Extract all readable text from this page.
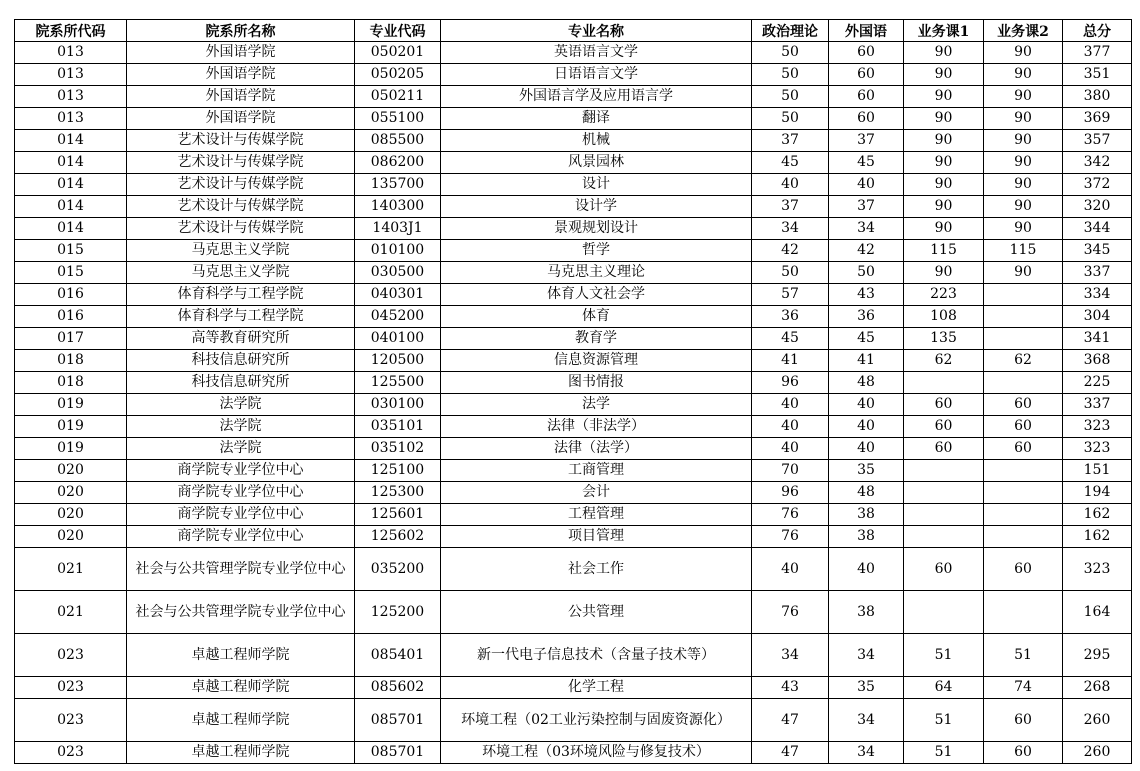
院系所代码	院系所名称	专业代码	专业名称	政治理论	外国语	业务课1	业务课2	总分
013	外国语学院	050201	英语语言文学	50	60	90	90	377
013	外国语学院	050205	日语语言文学	50	60	90	90	351
013	外国语学院	050211	外国语言学及应用语言学	50	60	90	90	380
013	外国语学院	055100	翻译	50	60	90	90	369
014	艺术设计与传媒学院	085500	机械	37	37	90	90	357
014	艺术设计与传媒学院	086200	风景园林	45	45	90	90	342
014	艺术设计与传媒学院	135700	设计	40	40	90	90	372
014	艺术设计与传媒学院	140300	设计学	37	37	90	90	320
014	艺术设计与传媒学院	1403J1	景观规划设计	34	34	90	90	344
015	马克思主义学院	010100	哲学	42	42	115	115	345
015	马克思主义学院	030500	马克思主义理论	50	50	90	90	337
016	体育科学与工程学院	040301	体育人文社会学	57	43	223		334
016	体育科学与工程学院	045200	体育	36	36	108		304
017	高等教育研究所	040100	教育学	45	45	135		341
018	科技信息研究所	120500	信息资源管理	41	41	62	62	368
018	科技信息研究所	125500	图书情报	96	48			225
019	法学院	030100	法学	40	40	60	60	337
019	法学院	035101	法律（非法学）	40	40	60	60	323
019	法学院	035102	法律（法学）	40	40	60	60	323
020	商学院专业学位中心	125100	工商管理	70	35			151
020	商学院专业学位中心	125300	会计	96	48			194
020	商学院专业学位中心	125601	工程管理	76	38			162
020	商学院专业学位中心	125602	项目管理	76	38			162
021	社会与公共管理学院专业学位中心	035200	社会工作	40	40	60	60	323
021	社会与公共管理学院专业学位中心	125200	公共管理	76	38			164
023	卓越工程师学院	085401	新一代电子信息技术（含量子技术等）	34	34	51	51	295
023	卓越工程师学院	085602	化学工程	43	35	64	74	268
023	卓越工程师学院	085701	环境工程（02工业污染控制与固废资源化）	47	34	51	60	260
023	卓越工程师学院	085701	环境工程（03环境风险与修复技术）	47	34	51	60	260
